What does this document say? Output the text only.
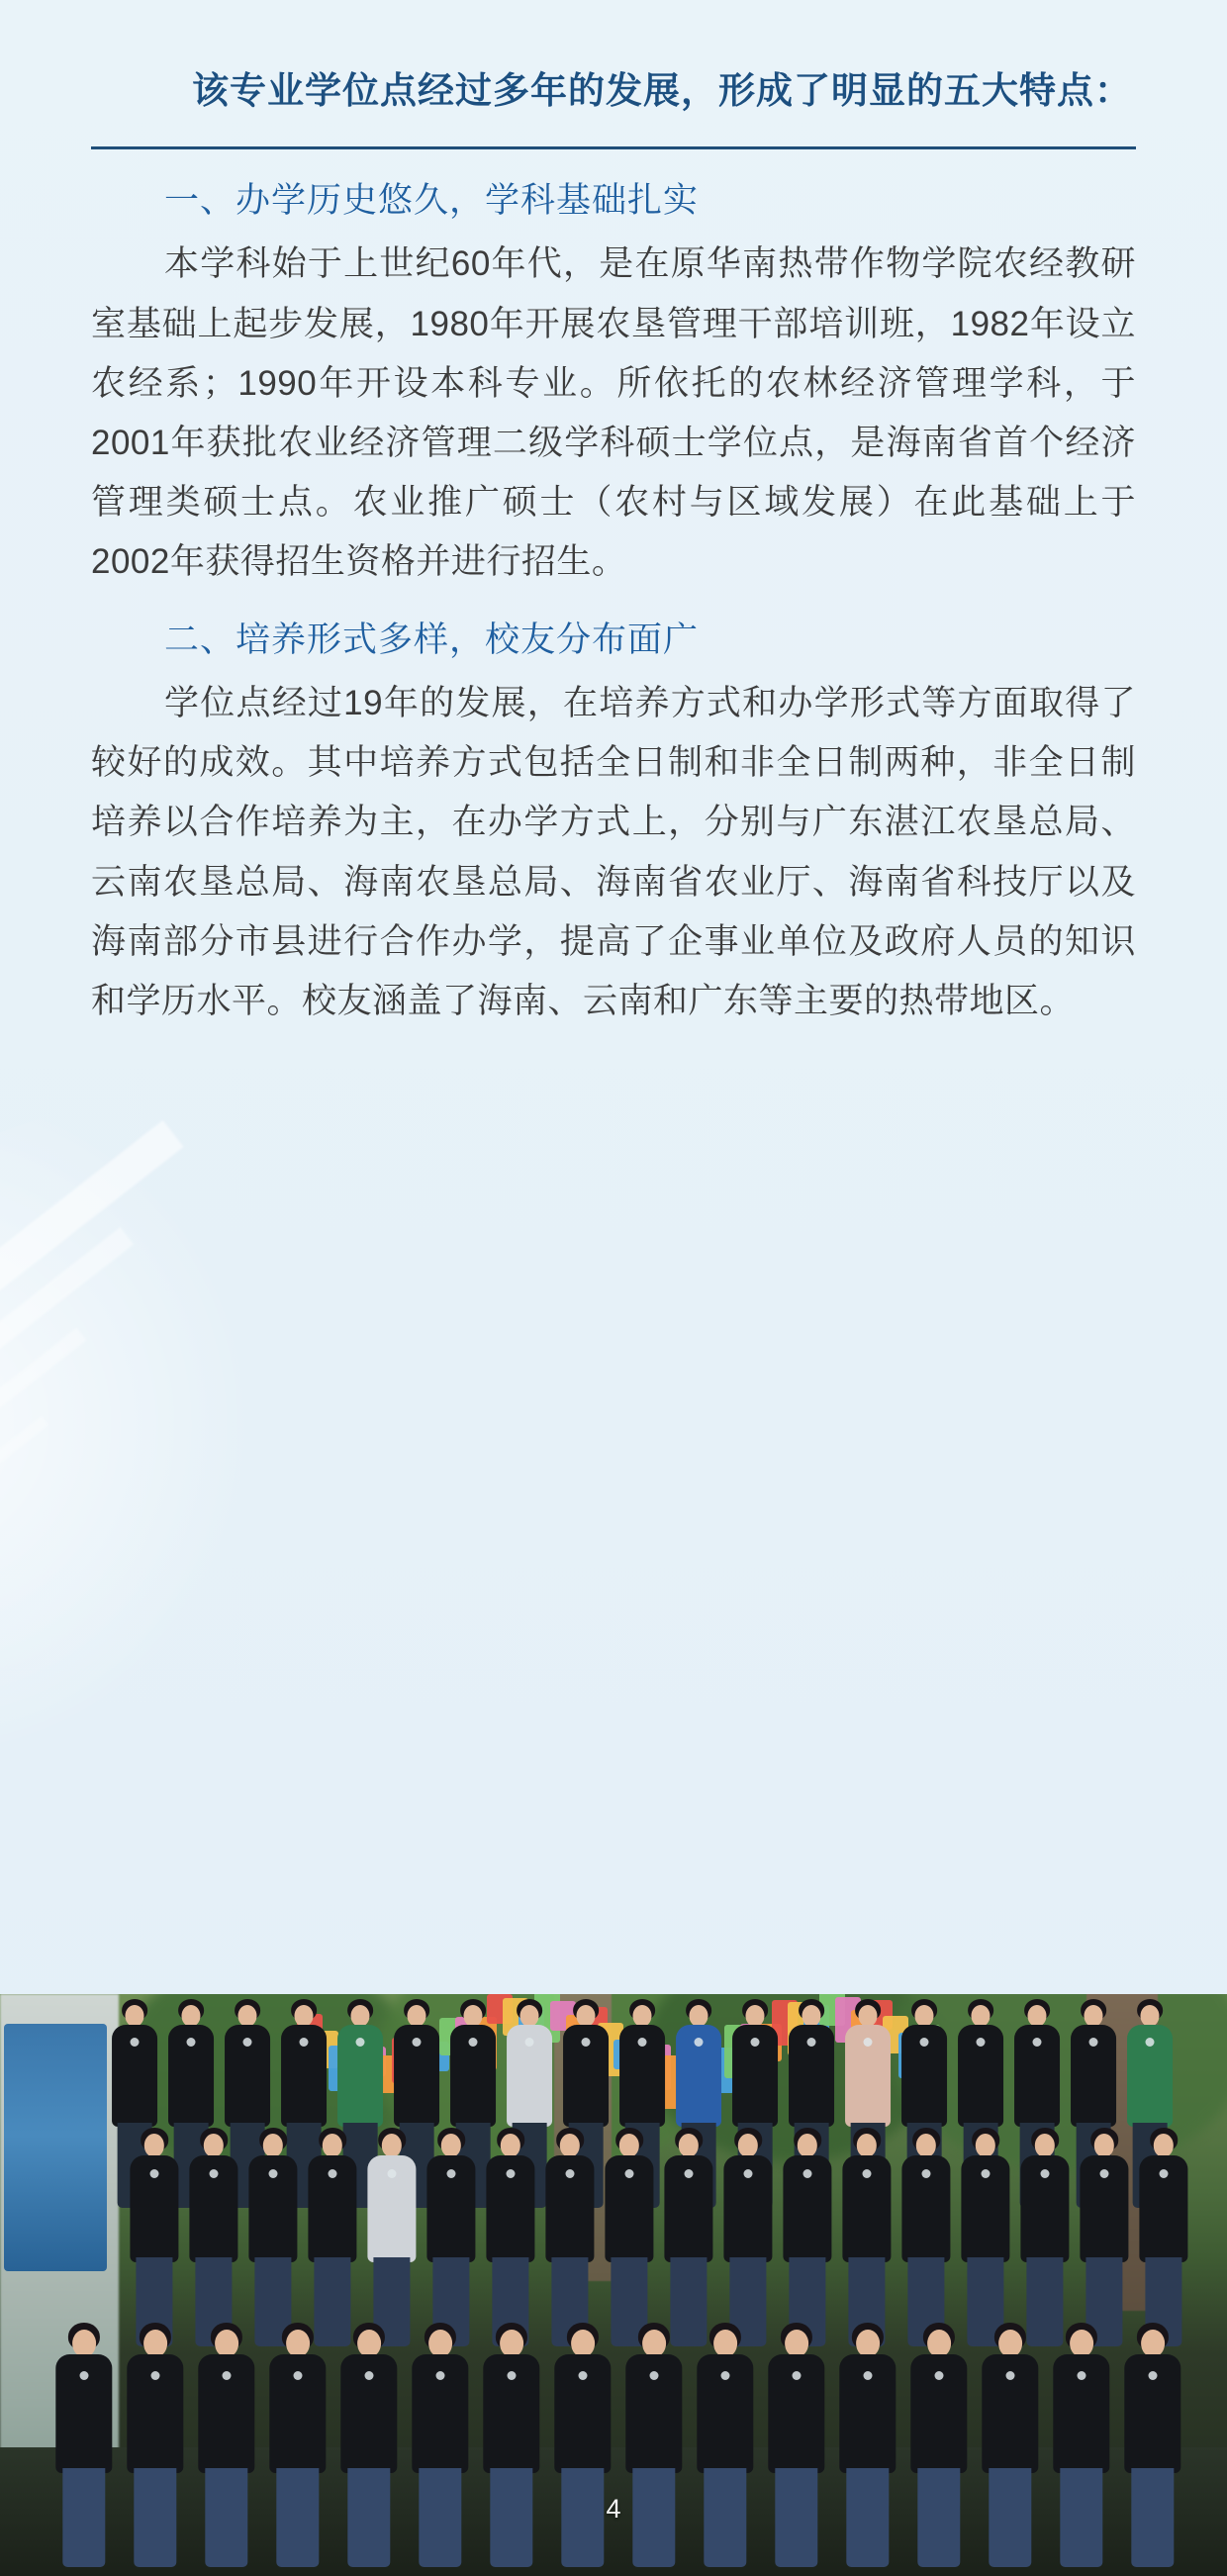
该专业学位点经过多年的发展，形成了明显的五大特点：
一、办学历史悠久，学科基础扎实

本学科始于上世纪60年代，是在原华南热带作物学院农经教研室基础上起步发展，1980年开展农垦管理干部培训班，1982年设立农经系；1990年开设本科专业。所依托的农林经济管理学科，于2001年获批农业经济管理二级学科硕士学位点，是海南省首个经济管理类硕士点。农业推广硕士（农村与区域发展）在此基础上于2002年获得招生资格并进行招生。

二、培养形式多样，校友分布面广

学位点经过19年的发展，在培养方式和办学形式等方面取得了较好的成效。其中培养方式包括全日制和非全日制两种，非全日制培养以合作培养为主，在办学方式上，分别与广东湛江农垦总局、云南农垦总局、海南农垦总局、海南省农业厅、海南省科技厅以及海南部分市县进行合作办学，提高了企事业单位及政府人员的知识和学历水平。校友涵盖了海南、云南和广东等主要的热带地区。

4
